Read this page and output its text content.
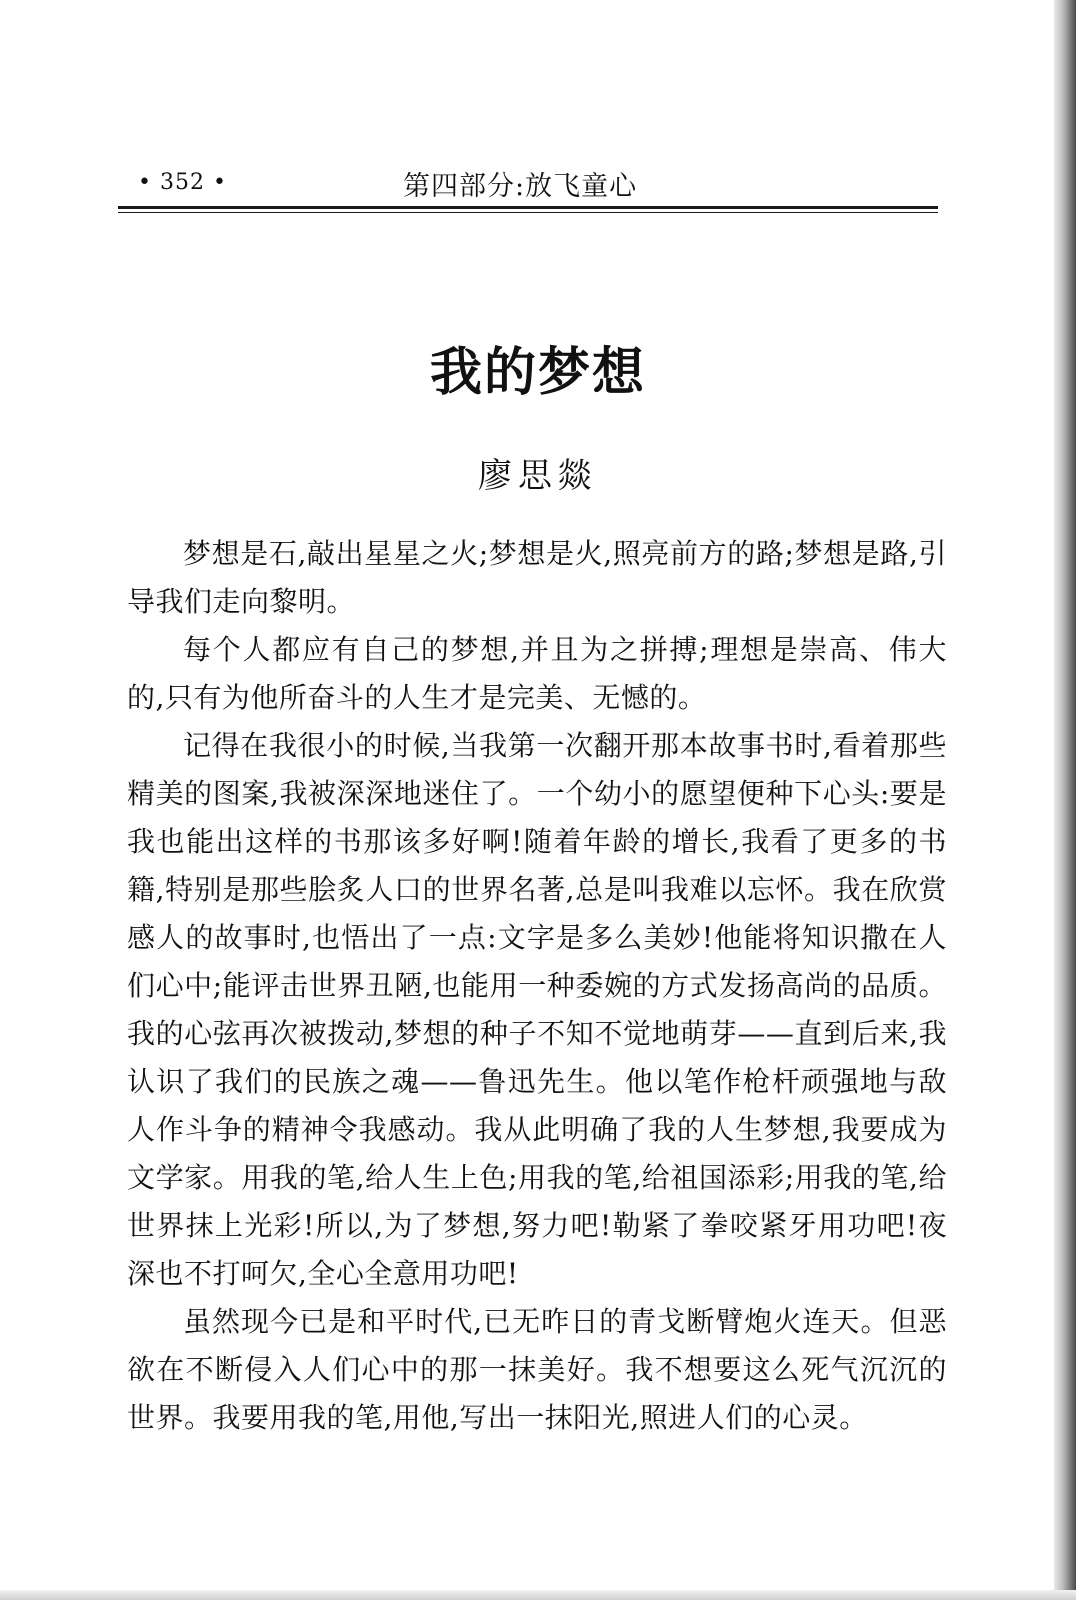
• 352 •	第四部分:放飞童心
我的梦想
廖思燚

梦想是石,敲出星星之火;梦想是火,照亮前方的路;梦想是路,引导我们走向黎明。

每个人都应有自己的梦想,并且为之拼搏;理想是崇高、伟大的,只有为他所奋斗的人生才是完美、无憾的。

记得在我很小的时候,当我第一次翻开那本故事书时,看着那些精美的图案,我被深深地迷住了。一个幼小的愿望便种下心头:要是我也能出这样的书那该多好啊!随着年龄的增长,我看了更多的书籍,特别是那些脍炙人口的世界名著,总是叫我难以忘怀。我在欣赏感人的故事时,也悟出了一点:文字是多么美妙!他能将知识撒在人们心中;能评击世界丑陋,也能用一种委婉的方式发扬高尚的品质。我的心弦再次被拨动,梦想的种子不知不觉地萌芽——直到后来,我认识了我们的民族之魂——鲁迅先生。他以笔作枪杆顽强地与敌人作斗争的精神令我感动。我从此明确了我的人生梦想,我要成为文学家。用我的笔,给人生上色;用我的笔,给祖国添彩;用我的笔,给世界抹上光彩!所以,为了梦想,努力吧!勒紧了拳咬紧牙用功吧!夜深也不打呵欠,全心全意用功吧!

虽然现今已是和平时代,已无昨日的青戈断臂炮火连天。但恶欲在不断侵入人们心中的那一抹美好。我不想要这么死气沉沉的世界。我要用我的笔,用他,写出一抹阳光,照进人们的心灵。
